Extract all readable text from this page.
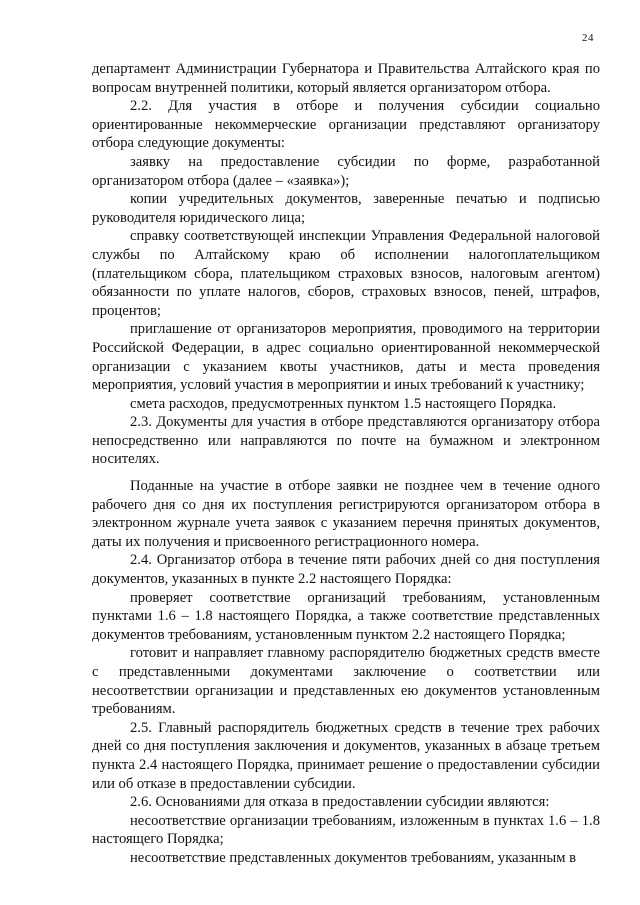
24

департамент Администрации Губернатора и Правительства Алтайского края по вопросам внутренней политики, который является организатором отбора.

2.2. Для участия в отборе и получения субсидии социально ориентированные некоммерческие организации представляют организатору отбора следующие документы:

заявку на предоставление субсидии по форме, разработанной организатором отбора (далее – «заявка»);

копии учредительных документов, заверенные печатью и подписью руководителя юридического лица;

справку соответствующей инспекции Управления Федеральной налоговой службы по Алтайскому краю об исполнении налогоплательщиком (плательщиком сбора, плательщиком страховых взносов, налоговым агентом) обязанности по уплате налогов, сборов, страховых взносов, пеней, штрафов, процентов;

приглашение от организаторов мероприятия, проводимого на территории Российской Федерации, в адрес социально ориентированной некоммерческой организации с указанием квоты участников, даты и места проведения мероприятия, условий участия в мероприятии и иных требований к участнику;

смета расходов, предусмотренных пунктом 1.5 настоящего Порядка.

2.3. Документы для участия в отборе представляются организатору отбора непосредственно или направляются по почте на бумажном и электронном носителях.

Поданные на участие в отборе заявки не позднее чем в течение одного рабочего дня со дня их поступления регистрируются организатором отбора в электронном журнале учета заявок с указанием перечня принятых документов, даты их получения и присвоенного регистрационного номера.

2.4. Организатор отбора в течение пяти рабочих дней со дня поступления документов, указанных в пункте 2.2 настоящего Порядка:

проверяет соответствие организаций требованиям, установленным пунктами 1.6 – 1.8 настоящего Порядка, а также соответствие представленных документов требованиям, установленным пунктом 2.2 настоящего Порядка;

готовит и направляет главному распорядителю бюджетных средств вместе с представленными документами заключение о соответствии или несоответствии организации и представленных ею документов установленным требованиям.

2.5. Главный распорядитель бюджетных средств в течение трех рабочих дней со дня поступления заключения и документов, указанных в абзаце третьем пункта 2.4 настоящего Порядка, принимает решение о предоставлении субсидии или об отказе в предоставлении субсидии.

2.6. Основаниями для отказа в предоставлении субсидии являются:

несоответствие организации требованиям, изложенным в пунктах 1.6 – 1.8 настоящего Порядка;

несоответствие представленных документов требованиям, указанным в
